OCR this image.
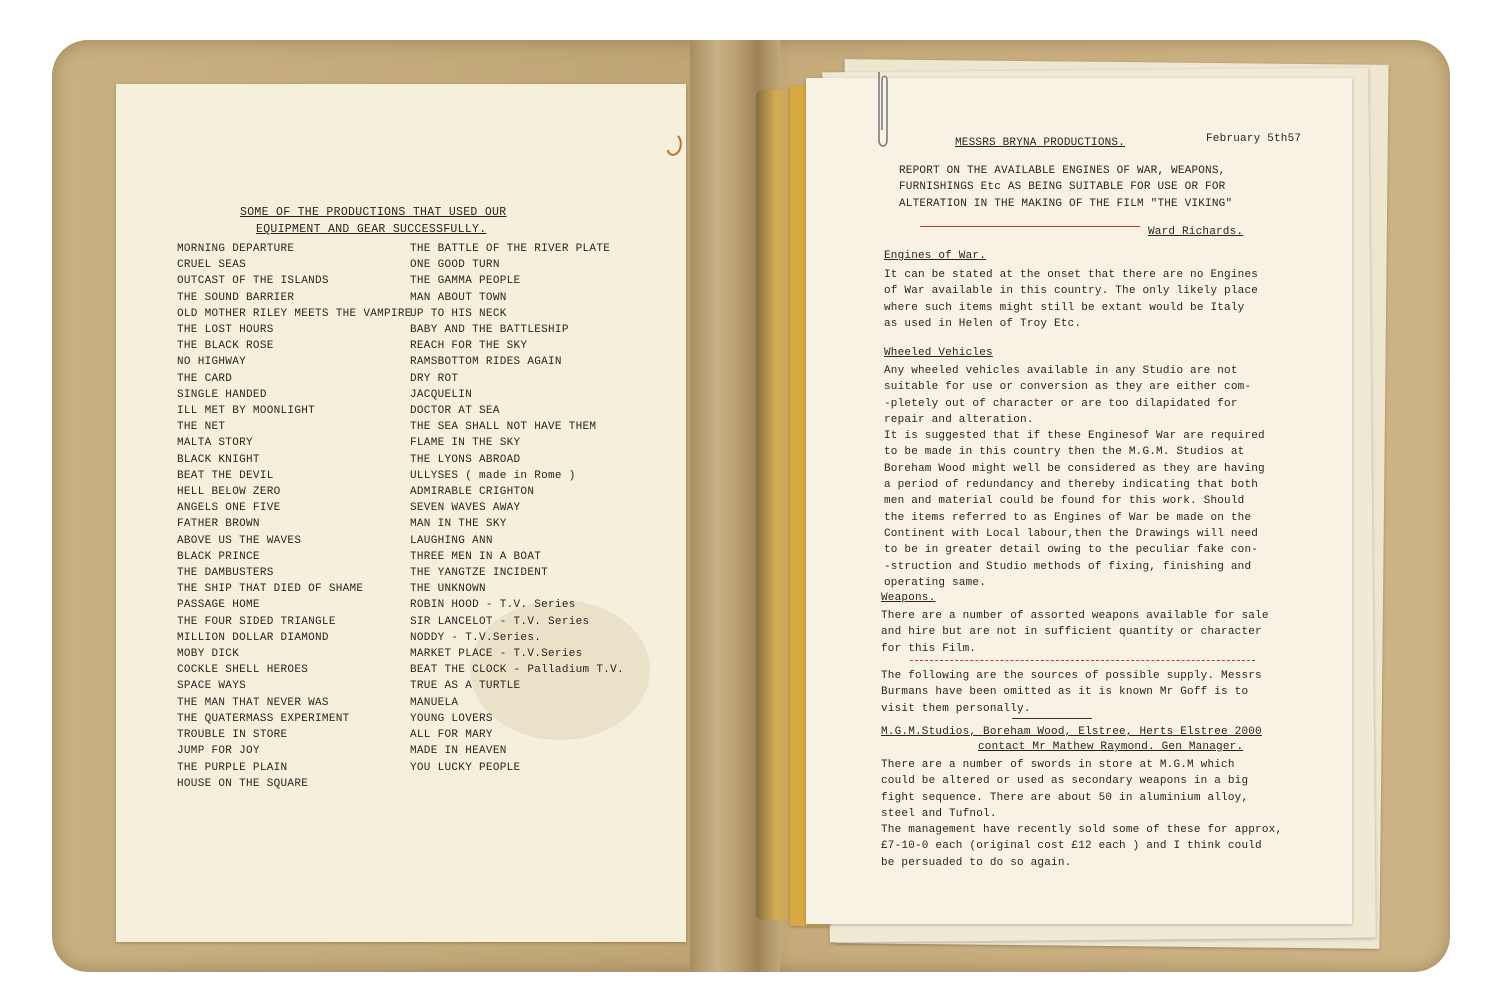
SOME OF THE PRODUCTIONS THAT USED OUR
EQUIPMENT AND GEAR SUCCESSFULLY.
MORNING DEPARTURE
CRUEL SEAS
OUTCAST OF THE ISLANDS
THE SOUND BARRIER
OLD MOTHER RILEY MEETS THE VAMPIRE
THE LOST HOURS
THE BLACK ROSE
NO HIGHWAY
THE CARD
SINGLE HANDED
ILL MET BY MOONLIGHT
THE NET
MALTA STORY
BLACK KNIGHT
BEAT THE DEVIL
HELL BELOW ZERO
ANGELS ONE FIVE
FATHER BROWN
ABOVE US THE WAVES
BLACK PRINCE
THE DAMBUSTERS
THE SHIP THAT DIED OF SHAME
PASSAGE HOME
THE FOUR SIDED TRIANGLE
MILLION DOLLAR DIAMOND
MOBY DICK
COCKLE SHELL HEROES
SPACE WAYS
THE MAN THAT NEVER WAS
THE QUATERMASS EXPERIMENT
TROUBLE IN STORE
JUMP FOR JOY
THE PURPLE PLAIN
HOUSE ON THE SQUARE
THE BATTLE OF THE RIVER PLATE
ONE GOOD TURN
THE GAMMA PEOPLE
MAN ABOUT TOWN
UP TO HIS NECK
BABY AND THE BATTLESHIP
REACH FOR THE SKY
RAMSBOTTOM RIDES AGAIN
DRY ROT
JACQUELIN
DOCTOR AT SEA
THE SEA SHALL NOT HAVE THEM
FLAME IN THE SKY
THE LYONS ABROAD
ULLYSES ( made in Rome )
ADMIRABLE CRIGHTON
SEVEN WAVES AWAY
MAN IN THE SKY
LAUGHING ANN
THREE MEN IN A BOAT
THE YANGTZE INCIDENT
THE UNKNOWN
ROBIN HOOD - T.V. Series
SIR LANCELOT - T.V. Series
NODDY - T.V.Series.
MARKET PLACE - T.V.Series
BEAT THE CLOCK - Palladium T.V.
TRUE AS A TURTLE
MANUELA
YOUNG LOVERS
ALL FOR MARY
MADE IN HEAVEN
YOU LUCKY PEOPLE
MESSRS BRYNA PRODUCTIONS.	February 5th57
REPORT ON THE AVAILABLE ENGINES OF WAR, WEAPONS,
FURNISHINGS Etc AS BEING SUITABLE FOR USE OR FOR
ALTERATION IN THE MAKING OF THE FILM "THE VIKING"
Ward Richards.
Engines of War.
It can be stated at the onset that there are no Engines
of War available in this country. The only likely place
where such items might still be extant would be Italy
as used in Helen of Troy Etc.
Wheeled Vehicles
Any wheeled vehicles available in any Studio are not
suitable for use or conversion as they are either com-
-pletely out of character or are too dilapidated for
repair and alteration.
It is suggested that if these Enginesof War are required
to be made in this country then the M.G.M. Studios at
Boreham Wood might well be considered as they are having
a period of redundancy and thereby indicating that both
men and material could be found for this work. Should
the items referred to as Engines of War be made on the
Continent with Local labour,then the Drawings will need
to be in greater detail owing to the peculiar fake con-
-struction and Studio methods of fixing, finishing and
operating same.
Weapons.
There are a number of assorted weapons available for sale
and hire but are not in sufficient quantity or character
for this Film.
The following are the sources of possible supply. Messrs
Burmans have been omitted as it is known Mr Goff is to
visit them personally.
M.G.M.Studios, Boreham Wood, Elstree, Herts Elstree 2000
contact Mr Mathew Raymond. Gen Manager.
There are a number of swords in store at M.G.M which
could be altered or used as secondary weapons in a big
fight sequence. There are about 50 in aluminium alloy,
steel and Tufnol.
The management have recently sold some of these for approx,
£7-10-0 each (original cost £12 each ) and I think could
be persuaded to do so again.
